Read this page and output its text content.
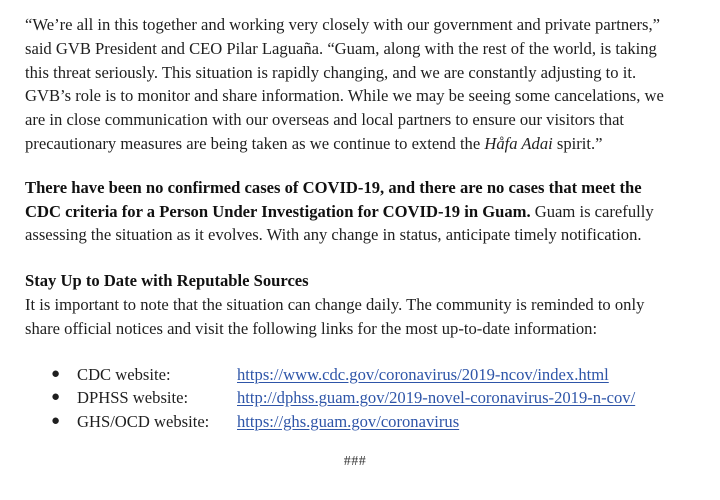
“We’re all in this together and working very closely with our government and private partners,”

said GVB President and CEO Pilar Laguaña. “Guam, along with the rest of the world, is taking

this threat seriously. This situation is rapidly changing, and we are constantly adjusting to it.

GVB’s role is to monitor and share information. While we may be seeing some cancelations, we

are in close communication with our overseas and local partners to ensure our visitors that

precautionary measures are being taken as we continue to extend the Håfa Adai spirit.”

There have been no confirmed cases of COVID-19, and there are no cases that meet the

CDC criteria for a Person Under Investigation for COVID-19 in Guam. Guam is carefully

assessing the situation as it evolves. With any change in status, anticipate timely notification.

Stay Up to Date with Reputable Sources

It is important to note that the situation can change daily. The community is reminded to only

share official notices and visit the following links for the most up-to-date information:

●	CDC website:	https://www.cdc.gov/coronavirus/2019-ncov/index.html
●	DPHSS website:	http://dphss.guam.gov/2019-novel-coronavirus-2019-n-cov/
●	GHS/OCD website:	https://ghs.guam.gov/coronavirus
###
